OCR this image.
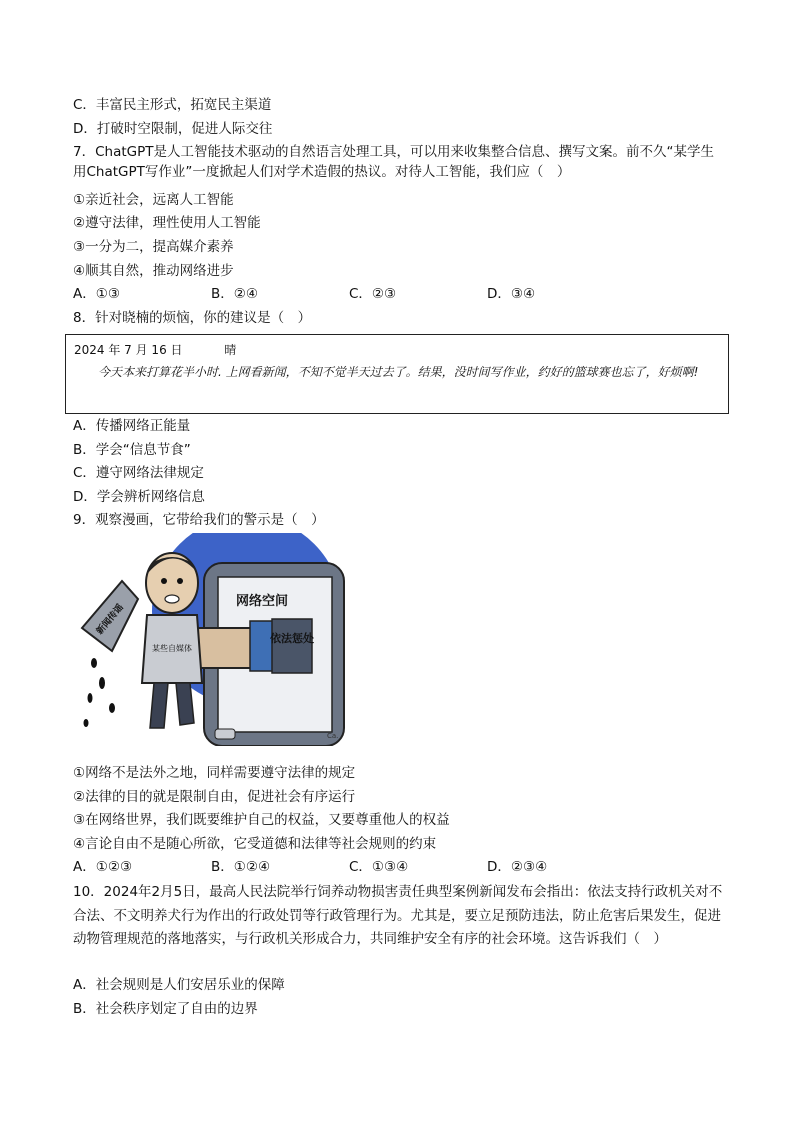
C．丰富民主形式，拓宽民主渠道
D．打破时空限制，促进人际交往
7．ChatGPT是人工智能技术驱动的自然语言处理工具，可以用来收集整合信息、撰写文案。前不久“某学生用ChatGPT写作业”一度掀起人们对学术造假的热议。对待人工智能，我们应（　）
①亲近社会，远离人工智能
②遵守法律，理性使用人工智能
③一分为二，提高媒介素养
④顺其自然，推动网络进步
A．①③	B．②④	C．②③	D．③④
8．针对晓楠的烦恼，你的建议是（　）
2024 年 7 月 16 日	晴
今天本来打算花半小时. 上网看新闻，不知不觉半天过去了。结果，没时间写作业，约好的篮球赛也忘了，好烦啊!
A．传播网络正能量
B．学会“信息节食”
C．遵守网络法律规定
D．学会辨析网络信息
9．观察漫画，它带给我们的警示是（　）
网络空间
依法惩处
某些自媒体
新闻传谣
Ca.
①网络不是法外之地，同样需要遵守法律的规定
②法律的目的就是限制自由，促进社会有序运行
③在网络世界，我们既要维护自己的权益，又要尊重他人的权益
④言论自由不是随心所欲，它受道德和法律等社会规则的约束
A．①②③	B．①②④	C．①③④	D．②③④
10．2024年2月5日，最高人民法院举行饲养动物损害责任典型案例新闻发布会指出：依法支持行政机关对不合法、不文明养犬行为作出的行政处罚等行政管理行为。尤其是，要立足预防违法，防止危害后果发生，促进动物管理规范的落地落实，与行政机关形成合力，共同维护安全有序的社会环境。这告诉我们（　）
A．社会规则是人们安居乐业的保障
B．社会秩序划定了自由的边界
